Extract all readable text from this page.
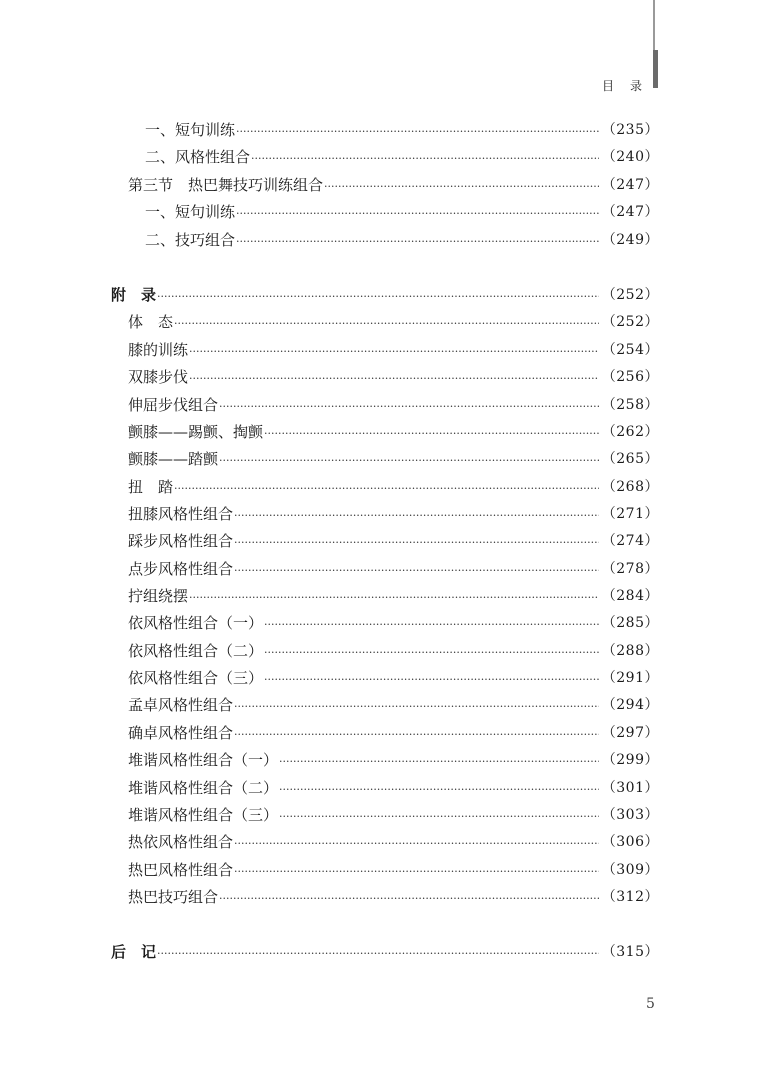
目　录
一、短句训练 ·····	（235）
二、风格性组合 ·····	（240）
第三节　热巴舞技巧训练组合 ·····	（247）
一、短句训练 ·····	（247）
二、技巧组合 ·····	（249）
附　录 ·····	（252）
体　态 ·····	（252）
膝的训练 ·····	（254）
双膝步伐 ·····	（256）
伸屈步伐组合 ·····	（258）
颤膝——踢颤、掏颤 ·····	（262）
颤膝——踏颤 ·····	（265）
扭　踏 ·····	（268）
扭膝风格性组合 ·····	（271）
踩步风格性组合 ·····	（274）
点步风格性组合 ·····	（278）
拧组绕摆 ·····	（284）
依风格性组合（一） ·····	（285）
依风格性组合（二） ·····	（288）
依风格性组合（三） ·····	（291）
孟卓风格性组合 ·····	（294）
确卓风格性组合 ·····	（297）
堆谐风格性组合（一） ·····	（299）
堆谐风格性组合（二） ·····	（301）
堆谐风格性组合（三） ·····	（303）
热依风格性组合 ·····	（306）
热巴风格性组合 ·····	（309）
热巴技巧组合 ·····	（312）
后　记 ·····	（315）
5
